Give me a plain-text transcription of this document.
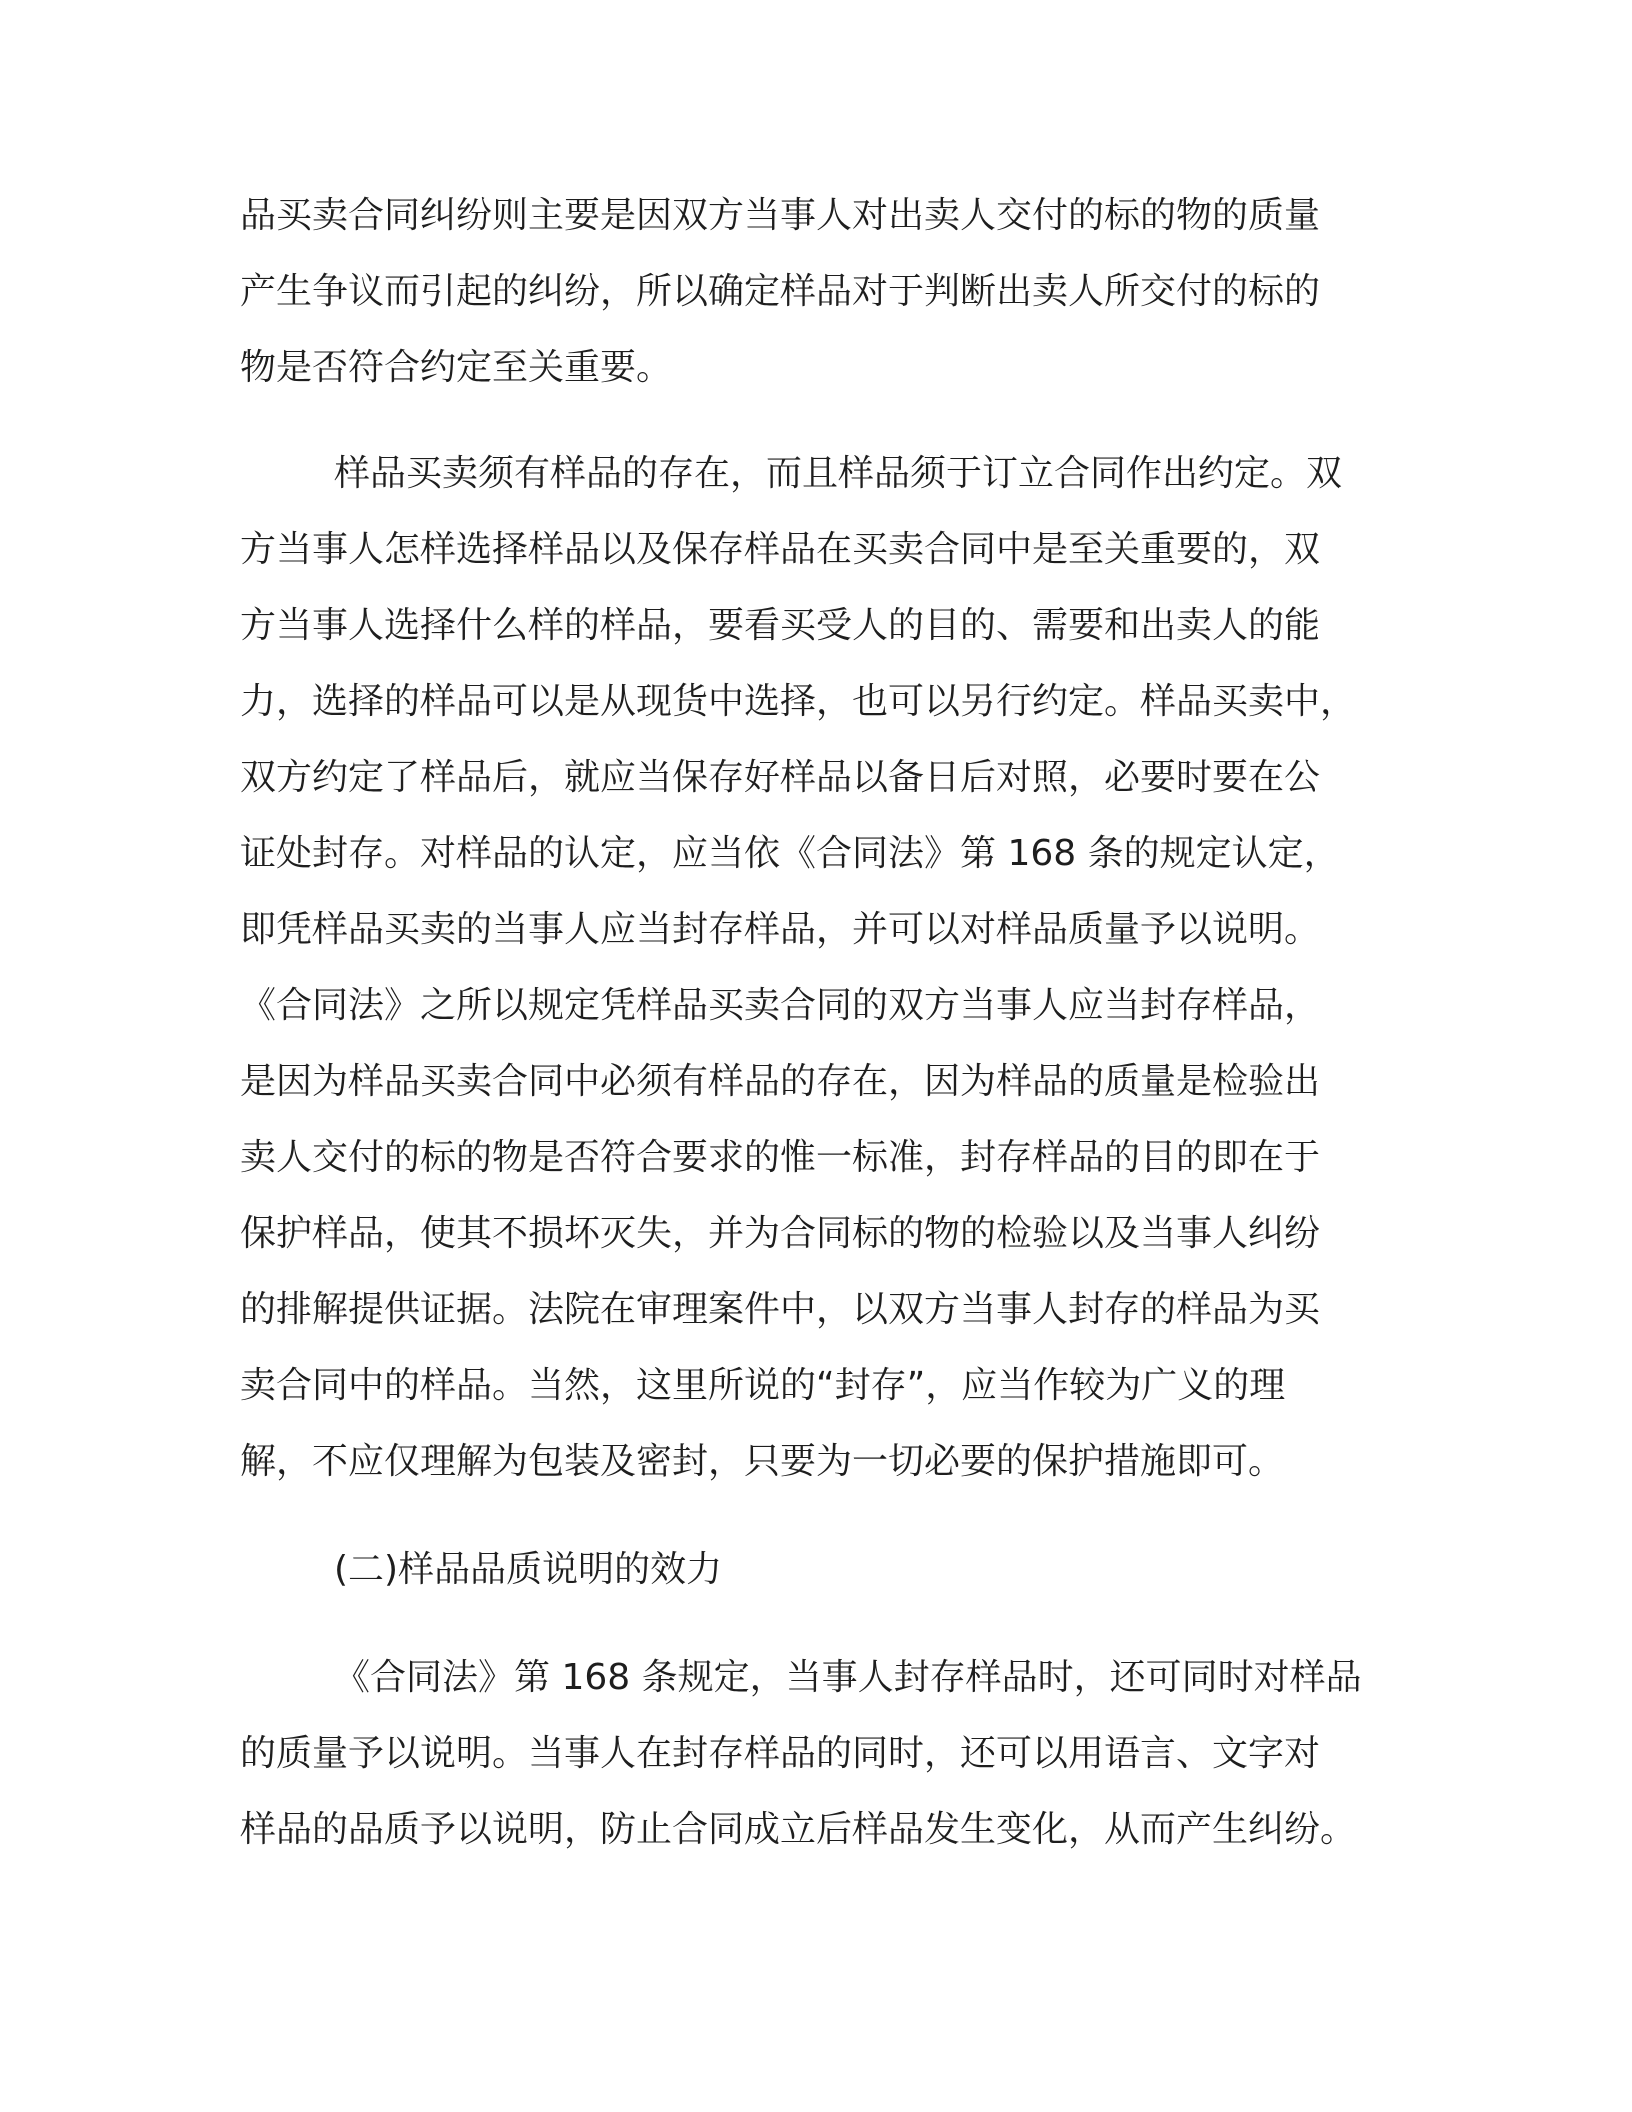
品买卖合同纠纷则主要是因双方当事人对出卖人交付的标的物的质量

产生争议而引起的纠纷，所以确定样品对于判断出卖人所交付的标的

物是否符合约定至关重要。

样品买卖须有样品的存在，而且样品须于订立合同作出约定。双

方当事人怎样选择样品以及保存样品在买卖合同中是至关重要的，双

方当事人选择什么样的样品，要看买受人的目的、需要和出卖人的能

力，选择的样品可以是从现货中选择，也可以另行约定。样品买卖中，

双方约定了样品后，就应当保存好样品以备日后对照，必要时要在公

证处封存。对样品的认定，应当依《合同法》第 168 条的规定认定，

即凭样品买卖的当事人应当封存样品，并可以对样品质量予以说明。

《合同法》之所以规定凭样品买卖合同的双方当事人应当封存样品，

是因为样品买卖合同中必须有样品的存在，因为样品的质量是检验出

卖人交付的标的物是否符合要求的惟一标准，封存样品的目的即在于

保护样品，使其不损坏灭失，并为合同标的物的检验以及当事人纠纷

的排解提供证据。法院在审理案件中，以双方当事人封存的样品为买

卖合同中的样品。当然，这里所说的“封存”，应当作较为广义的理

解，不应仅理解为包装及密封，只要为一切必要的保护措施即可。

(二)样品品质说明的效力

《合同法》第 168 条规定，当事人封存样品时，还可同时对样品

的质量予以说明。当事人在封存样品的同时，还可以用语言、文字对

样品的品质予以说明，防止合同成立后样品发生变化，从而产生纠纷。
